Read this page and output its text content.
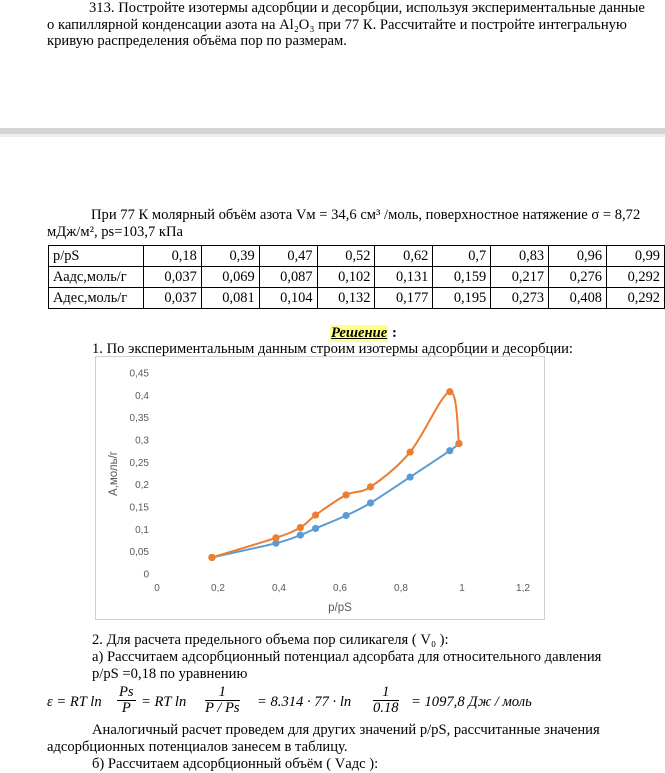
313. Постройте изотермы адсорбции и десорбции, используя экспериментальные данные о капиллярной конденсации азота на Al₂O₃ при 77 К. Рассчитайте и постройте интегральную кривую распределения объёма пор по размерам.

При 77 К молярный объём азота Vм = 34,6 см³ /моль, поверхностное натяжение σ = 8,72 мДж/м², ps=103,7 кПа

p/pS	0,18	0,39	0,47	0,52	0,62	0,7	0,83	0,96	0,99
Аадс,моль/г	0,037	0,069	0,087	0,102	0,131	0,159	0,217	0,276	0,292
Адес,моль/г	0,037	0,081	0,104	0,132	0,177	0,195	0,273	0,408	0,292
Решение :

1. По экспериментальным данным строим изотермы адсорбции и десорбции:

0
0,05
0,1
0,15
0,2
0,25
0,3
0,35
0,4
0,45
0	0,2	0,4	0,6	0,8	1	1,2
p/pS
А,моль/г

2. Для расчета предельного объема пор силикагеля ( V₀ ):

а) Рассчитаем адсорбционный потенциал адсорбата для относительного давления

p/pS =0,18 по уравнению

ε = RT $\ln \frac{Ps}{P}$ = RT $\ln \frac{1}{P / Ps} = 8.314 \cdot 77 \cdot \ln \frac{1}{0.18} = 1097,8$ Дж / моль

Аналогичный расчет проведем для других значений p/pS, рассчитанные значения

адсорбционных потенциалов занесем в таблицу.

б) Рассчитаем адсорбционный объём ( Vадс ):
